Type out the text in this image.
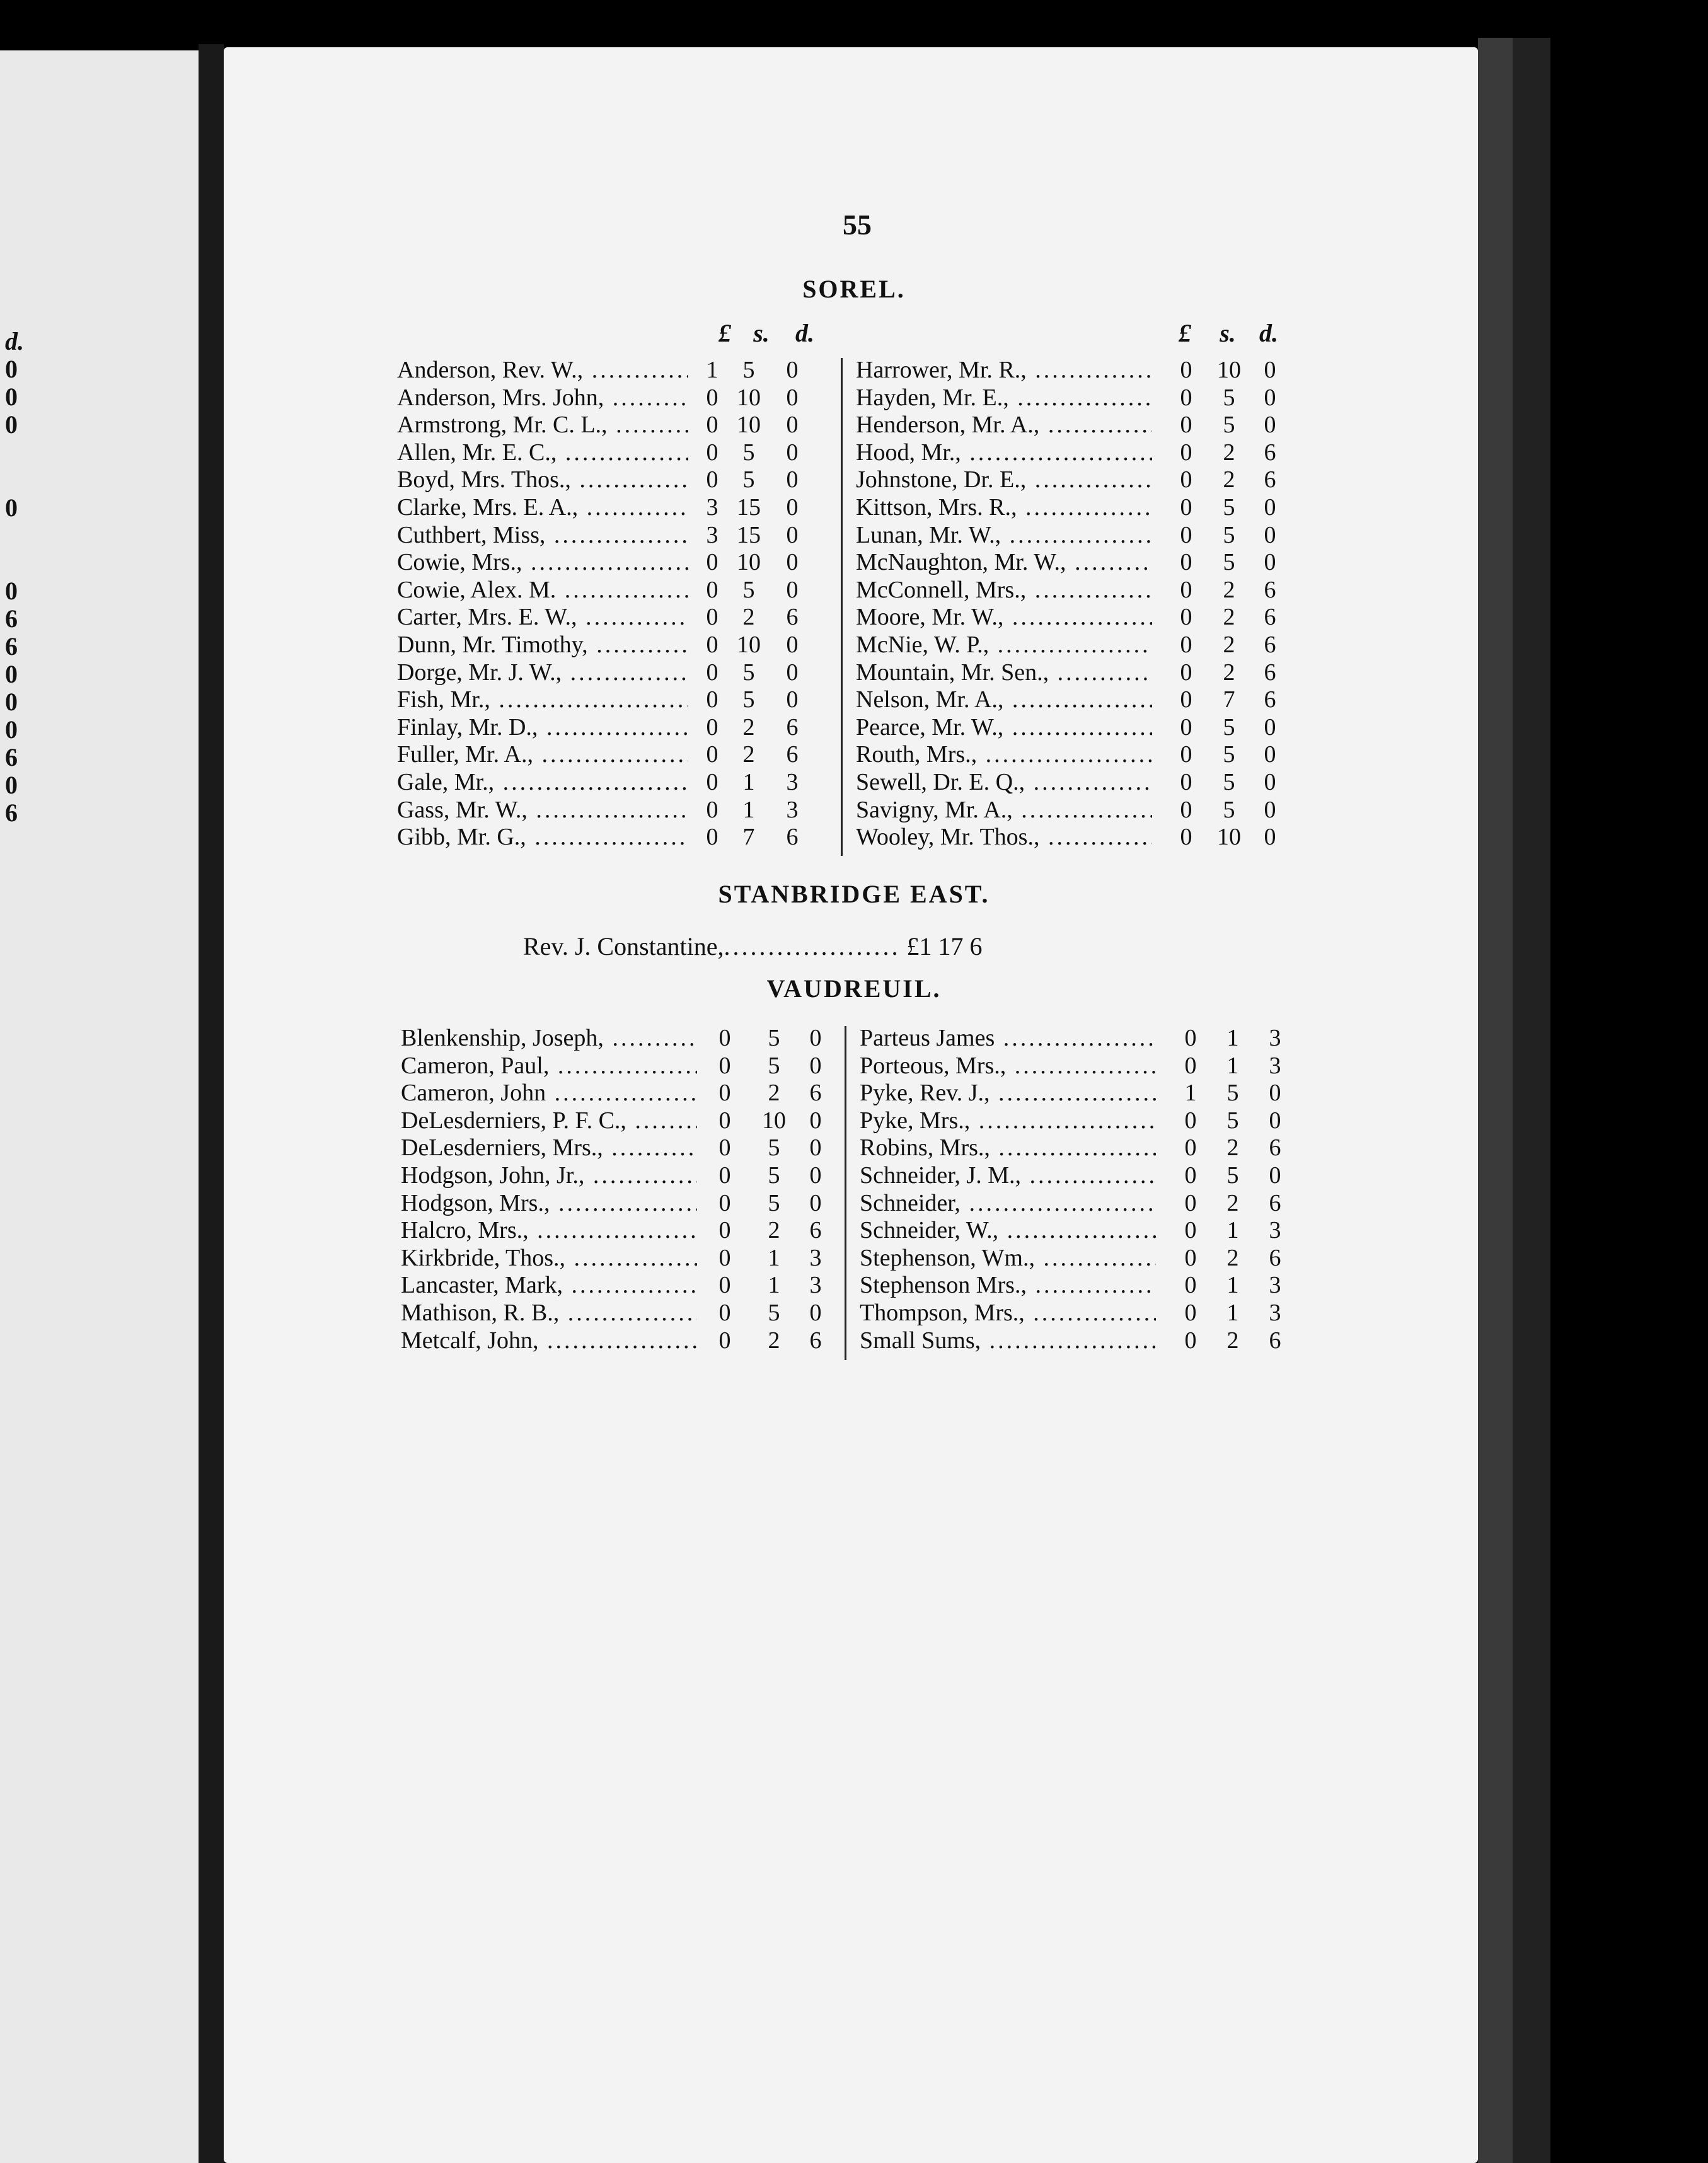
d.
0
0
0
0
0
6
6
0
0
0
6
0
6
55
SOREL.
£ s.	d.	£	s. d.
Anderson, Rev. W., .....	1	5	0
Anderson, Mrs. John, .....	0 10	0
Armstrong, Mr. C. L., .....	0 10	0
Allen, Mr. E. C., .....	0	5	0
Boyd, Mrs. Thos., .....	0	5	0
Clarke, Mrs. E. A., .....	3 15	0
Cuthbert, Miss, .....	3 15	0
Cowie, Mrs., .....	0 10	0
Cowie, Alex. M. .....	0	5	0
Carter, Mrs. E. W., .....	0	2	6
Dunn, Mr. Timothy, .....	0 10	0
Dorge, Mr. J. W., .....	0	5	0
Fish, Mr., .....	0	5	0
Finlay, Mr. D., .....	0	2	6
Fuller, Mr. A., .....	0	2	6
Gale, Mr., .....	0	1	3
Gass, Mr. W., .....	0	1	3
Gibb, Mr. G., .....	0	7	6
Harrower, Mr. R., .....	0	10 0
Hayden, Mr. E., .....	0	5	0
Henderson, Mr. A., .....	0	5	0
Hood, Mr., .....	0	2	6
Johnstone, Dr. E., .....	0	2	6
Kittson, Mrs. R., .....	0	5	0
Lunan, Mr. W., .....	0	5	0
McNaughton, Mr. W., .....	0	5	0
McConnell, Mrs., .....	0	2	6
Moore, Mr. W., .....	0	2	6
McNie, W. P., .....	0	2	6
Mountain, Mr. Sen., .....	0	2	6
Nelson, Mr. A., .....	0	7	6
Pearce, Mr. W., .....	0	5	0
Routh, Mrs., .....	0	5	0
Sewell, Dr. E. Q., .....	0	5	0
Savigny, Mr. A., .....	0	5	0
Wooley, Mr. Thos., .....	0	10 0
STANBRIDGE EAST.
Rev. J. Constantine,.................... £1 17 6
VAUDREUIL.
Blenkenship, Joseph, .....	0	5	0
Cameron, Paul, .....	0	5	0
Cameron, John .....	0	2	6
DeLesderniers, P. F. C., .....	0	10 0
DeLesderniers, Mrs., .....	0	5	0
Hodgson, John, Jr., .....	0	5	0
Hodgson, Mrs., .....	0	5	0
Halcro, Mrs., .....	0	2	6
Kirkbride, Thos., .....	0	1	3
Lancaster, Mark, .....	0	1	3
Mathison, R. B., .....	0	5	0
Metcalf, John, .....	0	2	6
Parteus James .....	0	1	3
Porteous, Mrs., .....	0	1	3
Pyke, Rev. J., .....	1	5	0
Pyke, Mrs., .....	0	5	0
Robins, Mrs., .....	0	2	6
Schneider, J. M., .....	0	5	0
Schneider, .....	0	2	6
Schneider, W., .....	0	1	3
Stephenson, Wm., .....	0	2	6
Stephenson Mrs., .....	0	1	3
Thompson, Mrs., .....	0	1	3
Small Sums, .....	0	2	6
